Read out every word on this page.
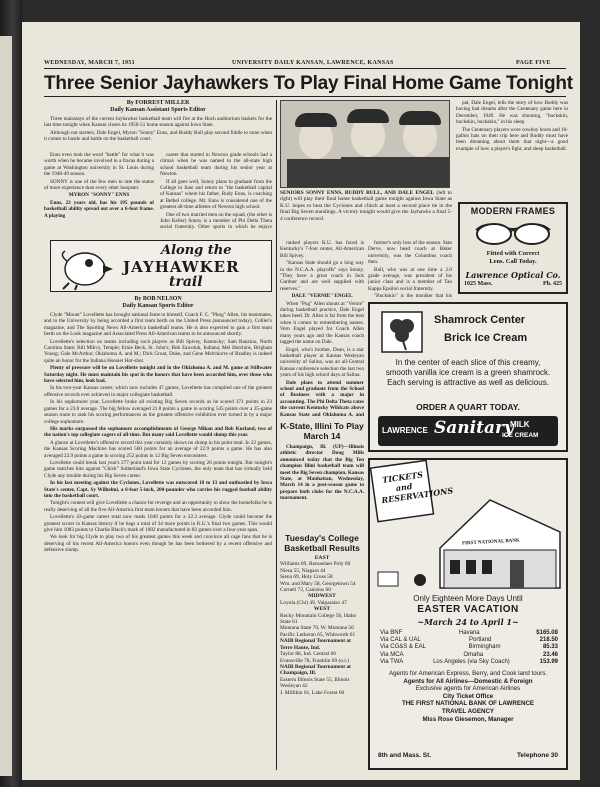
WEDNESDAY, MARCH 7, 1951	UNIVERSITY DAILY KANSAN, LAWRENCE, KANSAS	PAGE FIVE
Three Senior Jayhawkers To Play Final Home Game Tonight
By FORREST MILLER
Daily Kansan Assistant Sports Editor

Three mainstays of the current Jayhawker basketball team will fire at the Hoch auditorium baskets for the last time tonight when Kansas closes its 1950-51 home season against Iowa State.

Although not starters, Dale Engel, Myron "Sonny" Enns, and Buddy Bull play second fiddle to none when it comes to hustle and battle on the basketball court.

Enns even took the word "battle" for what it was worth when he became involved in a fracas during a game at Washington university in St. Louis during the 1948-49 season.

SONNY is one of the few men to rate the status of more experience than every other hoopster.

MYRON "SONNY" ENNS

Enns, 23 years old, has his 195 pounds of basketball ability spread out over a 6-foot frame. A playing

career that started in Newton grade schools had a climax when he was named to the all-state high school basketball team during his senior year at Newton.

If all goes well, Sonny plans to graduate from the College in June and return to "the basketball capital of Kansas" where his father, Rudy Enns, is coaching at Bethel college. Mr. Enns is considered one of the greatest all-time athletes of Newton high school.

One of two married men on the squad, (the other is John Keller) Sonny is a member of Phi Delta Theta social fraternity. Other sports in which he enjoys

Along the
JAYHAWKER
trail
By BOB NELSON
Daily Kansan Sports Editor

Clyde "Mount" Lovellette has brought national fame to himself, Coach F. C. "Phog" Allen, his teammates, and to the University by being accorded a first team berth on the United Press (announced today), Collier's magazine, and The Sporting News All-America basketball teams. He is also expected to gain a first team berth on the Look magazine and Associated Press All-American teams to be announced shortly.

Lovellette's selection on teams including such players as Bill Spivey, Kentucky; Sam Ranzino, North Carolina State; Bill Mlkvy, Temple; Ernie Beck, St. John's; Bob Zawoluk, Indiana; Mel Hutchins, Brigham Young; Gale McArthur, Oklahoma A. and M.; Dick Groat, Duke, and Gene Melchiorre of Bradley is indeed quite an honor for the Indiana Hoosier Hot-shot.

Plenty of pressure will be on Lovellette tonight and in the Oklahoma A. and M. game at Stillwater Saturday night. He must maintain his spot in the honors that have been accorded him, over those who have selected him, look bad.

In his two-year Kansas career, which now includes 47 games, Lovellette has compiled one of the greatest offensive records ever achieved in major collegiate basketball.

In his sophomore year, Lovellette broke all existing Big Seven records as he scored 371 points in 23 games for a 23.0 average. The big fellow averaged 21.8 points a game in scoring 545 points over a 25-game season route to rank his scoring performances as the greatest offensive exhibition ever turned in by a major college sophomore.

His marks surpassed the sophomore accomplishments of George Mikan and Bob Kurland, two of the nation's top collegiate cagers of all-time. But many said Lovellette would slump this year.

A glance at Lovellette's offensive record this year certainly shows no slump in his point total. In 22 games, the Kansas Scoring Machine has scored 560 points for an average of 22.9 points a game. He has also averaged 22.9 points a game in scoring 252 points in 12 Big Seven encounters.

Lovellette could break last year's 277-point total for 12 games by scoring 26 points tonight. But tonight's game matches him against "Chick" Sutherland's Iowa State Cyclones, the only team that has virtually held Clyde any trouble during his Big Seven career.

In his last meeting against the Cyclones, Lovellette was outscored 18 to 13 and outhustled by Iowa State's center, Capt. Sy Wilhelmi, a 6-foot 5-inch, 200-pounder who carries his rugged football ability into the basketball court.

Tonight's contest will give Lovellette a chance for revenge and an opportunity to show the homefolks he is really deserving of all the five All-America first team honors that have been accorded him.

Lovellette's 43-game career total now reads 1049 points for a 22.3 average. Clyde could become the greatest scorer in Kansas history if he bags a total of 34 more points in K.U.'s final two games. This would give him 1083 points to Charlie Black's mark of 1082 manufactured in 82 games over a four-year span.

We look for big Clyde to play two of his greatest games this week and convince all cage fans that he is deserving of his recent All-America honors even though he has been bothered by a recent offensive and defensive slump.

SENIORS SONNY ENNS, BUDDY BULL, AND DALE ENGEL (left to right) will play their final home basketball game tonight against Iowa State as K.U. hopes to beat the Cyclones and clinch at least a second place tie in the final Big Seven standings. A victory tonight would give the Jayhawks a final 5-4 conference record.

pal, Dale Engel, tells the story of how Buddy was having bad dreams after the Centenary game here in December, 1949. He was shouting, "buckskin, buckskin, buckskin," in his sleep.

The Centenary players wore cowboy boots and 10-gallon hats on their trip here and Buddy must have been dreaming about them that night—a good example of how a player's fight, and sleep basketball.

ranked players K.U. has faced is Kentucky's 7-foot center, All-American Bill Spivey.

"Kansas State should go a long way in the N.C.A.A. playoffs" says Sonny. "They have a great coach in Jack Gardner and are well supplied with reserves."

DALE "VERNIE" ENGEL

When "Pug" Allen shouts at "Vernie" during basketball practice, Dale Engel takes heed. Dr. Allen is far from the best when it comes to remembering names. Vern Engel played for Coach Allen many years ago and the Kansas coach tagged the name on Dale.

Engel, who's brother, Dean, is a star basketball player at Kansas Wesleyan university of Salina, was an all-Central Kansas conference selection the last two years of his high school days at Salina.

Dale plans to attend summer school and graduate from the School of Business with a major in accounting. The Phi Delta Theta rates the current Kentucky Wildcats above Kansas State and Oklahoma A. and

former's only loss of the season. Stan Derve, now head coach at Baker university, was the Columbus coach then.

Bull, who was at one time a 2.0 grade average, was president of his junior class and is a member of Tau Kappa Epsilon social fraternity.

"Buckskin" is the moniker that his

MODERN FRAMES
Fitted with Correct
Lens. Call Today.
Lawrence Optical Co.
1025 Mass.	Ph. 425
Shamrock Center
Brick Ice Cream
In the center of each slice of this creamy, smooth vanilla ice cream is a green shamrock. Each serving is attractive as well as delicious.
ORDER A QUART TODAY.
LAWRENCE Sanitary
MILK
ICE CREAM
K-State, Illini To Play March 14

Champaign, Ill. (UP)—Illinois athletic director Doug Mills announced today that the Big Ten champion Illini basketball team will meet the Big Seven champion, Kansas State, at Manhattan, Wednesday, March 14 in a post-season game to prepare both clubs for the N.C.A.A. tournament.

Tuesday's College Basketball Results
EAST
Williams 69, Rensselaer Poly 60
Niesa 55, Niagara 44
Siena 69, Holy Cross 58
Wm. and Mary 58, Georgetown 54
Cornell 72, Canisius 60
MIDWEST
Loyola (Chi) 49, Valparaiso 47
WEST
Rocky Mountain College 56, Idaho State 61
Montana State 70, W. Montana 56
Pacific Lutheran 65, Whitworth 61
NAIB Regional Tournament at Terre Haute, Ind.
Taylor 88, Ind. Central 66
Evansville 78, Franklin 69 (o.t.)
NAIB Regional Tournament at Champaign, Ill.
Eastern Illinois State 55, Illinois Wesleyan 42
J. Millikin 61, Lake Forest 60
TICKETS and RESERVATIONS
FIRST NATIONAL BANK
Only Eighteen More Days Until
EASTER VACATION
~March 24 to April 1~
Via BNF	Havana	$165.08
Via CAL & UAL	Portland	218.50
Via CG&S & EAL	Birmingham	85.33
Via MCA	Omaha	23.46
Via TWA	Los Angeles (via Sky Coach)	153.99
Agents for American Express, Berry, and Cook land tours.
Agents for All Airlines—Domestic & Foreign
Exclusive agents for American Airlines
City Ticket Office
THE FIRST NATIONAL BANK OF LAWRENCE
TRAVEL AGENCY
Miss Rose Giesemon, Manager
8th and Mass. St.	Telephone 30
